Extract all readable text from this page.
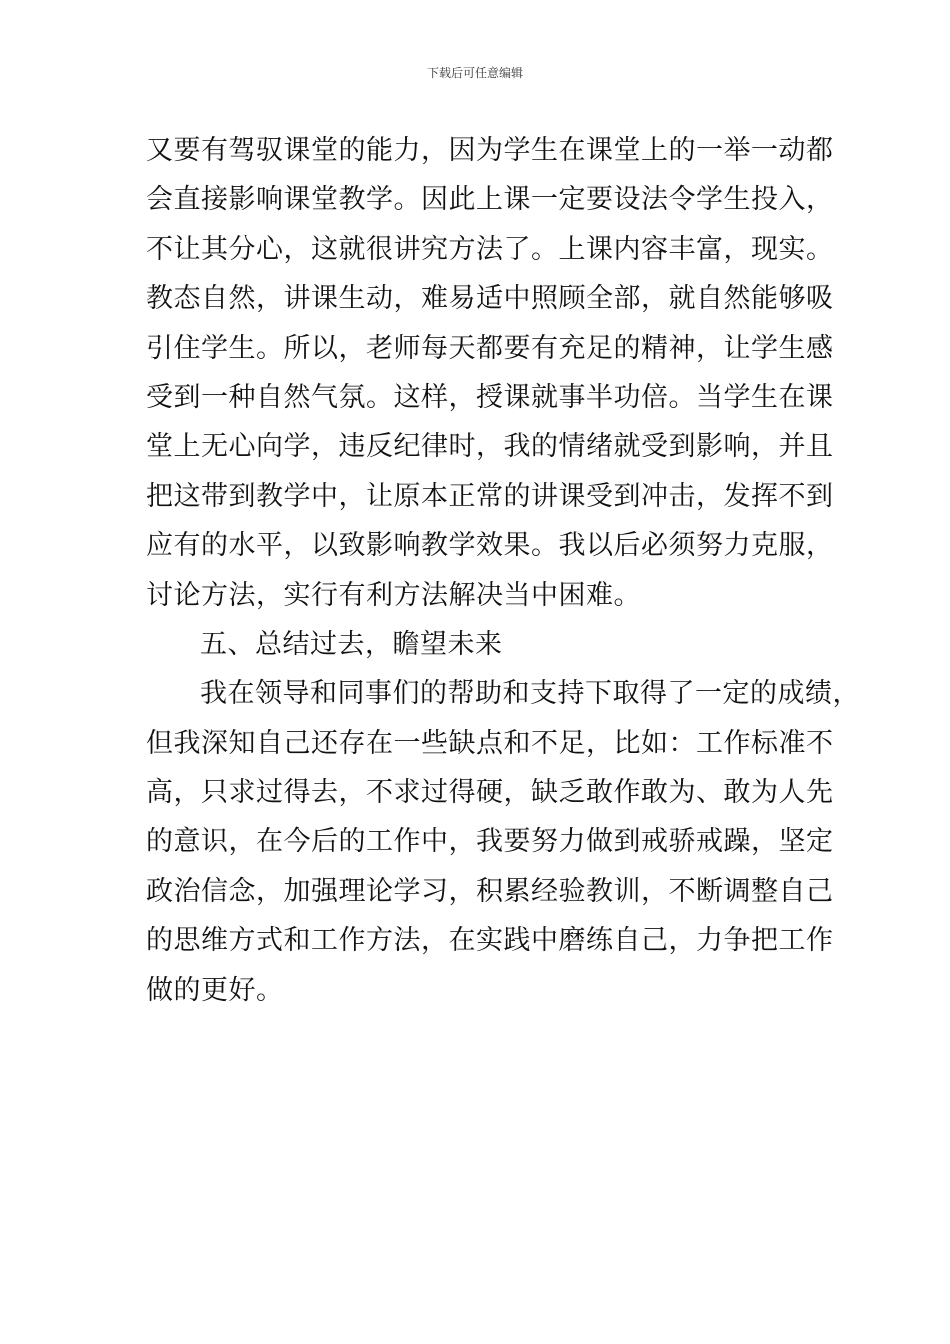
下载后可任意编辑
又要有驾驭课堂的能力，因为学生在课堂上的一举一动都
会直接影响课堂教学。因此上课一定要设法令学生投入，
不让其分心，这就很讲究方法了。上课内容丰富，现实。
教态自然，讲课生动，难易适中照顾全部，就自然能够吸
引住学生。所以，老师每天都要有充足的精神，让学生感
受到一种自然气氛。这样，授课就事半功倍。当学生在课
堂上无心向学，违反纪律时，我的情绪就受到影响，并且
把这带到教学中，让原本正常的讲课受到冲击，发挥不到
应有的水平，以致影响教学效果。我以后必须努力克服，
讨论方法，实行有利方法解决当中困难。
五、总结过去，瞻望未来
我在领导和同事们的帮助和支持下取得了一定的成绩，
但我深知自己还存在一些缺点和不足，比如：工作标准不
高，只求过得去，不求过得硬，缺乏敢作敢为、敢为人先
的意识，在今后的工作中，我要努力做到戒骄戒躁，坚定
政治信念，加强理论学习，积累经验教训，不断调整自己
的思维方式和工作方法，在实践中磨练自己，力争把工作
做的更好。
